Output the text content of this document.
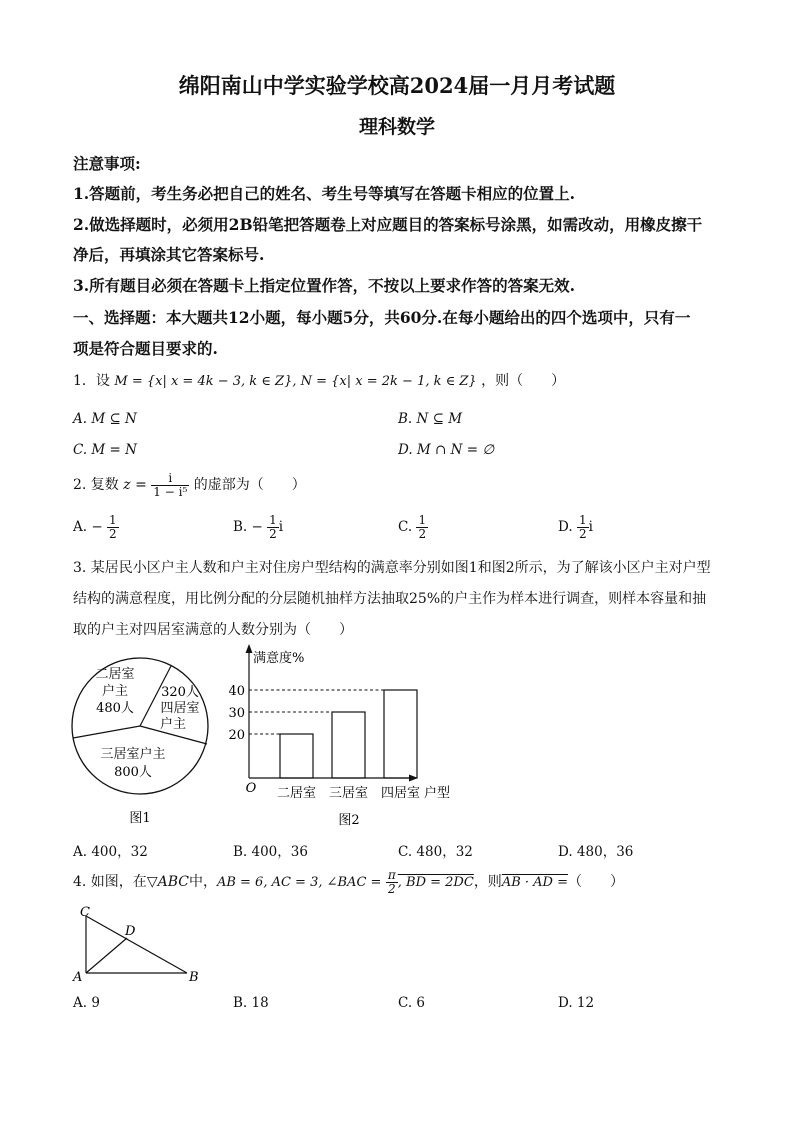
绵阳南山中学实验学校高2024届一月月考试题
理科数学
注意事项:
1.答题前，考生务必把自己的姓名、考生号等填写在答题卡相应的位置上.
2.做选择题时，必须用2B铅笔把答题卷上对应题目的答案标号涂黑，如需改动，用橡皮擦干
净后，再填涂其它答案标号.
3.所有题目必须在答题卡上指定位置作答，不按以上要求作答的答案无效.
一、选择题：本大题共12小题，每小题5分，共60分.在每小题给出的四个选项中，只有一
项是符合题目要求的.
1．设 M = {x| x = 4k − 3, k ∈ Z}, N = {x| x = 2k − 1, k ∈ Z} ，则（　　）
A. M ⊆ N	B. N ⊆ M
C. M = N	D. M ∩ N = ∅
2. 复数 $z = \frac{i}{\text{1 − i⁵}}$ 的虚部为（　　）
A. − $\frac{1}{2}$	B. − $\frac{1}{2}$ i	C. $\frac{1}{2}$	D. $\frac{1}{2}$ i
3. 某居民小区户主人数和户主对住房户型结构的满意率分别如图1和图2所示，为了解该小区户主对户型
结构的满意程度，用比例分配的分层随机抽样方法抽取25%的户主作为样本进行调查，则样本容量和抽
取的户主对四居室满意的人数分别为（　　）
二居室
户主
480人
320人
四居室
户主
三居室户主
800人
图1
20
30
40
二居室 三居室 四居室
满意度%
户型
O
图2
A. 400，32	B. 400，36	C. 480，32	D. 480，36
4. 如图，在▽ABC中，AB = 6, AC = 3, ∠BAC = $\frac{\pi}{2}$ , BD = 2DC，则AB · AD =（　　）
C
D
A	B
A. 9	B. 18	C. 6	D. 12
